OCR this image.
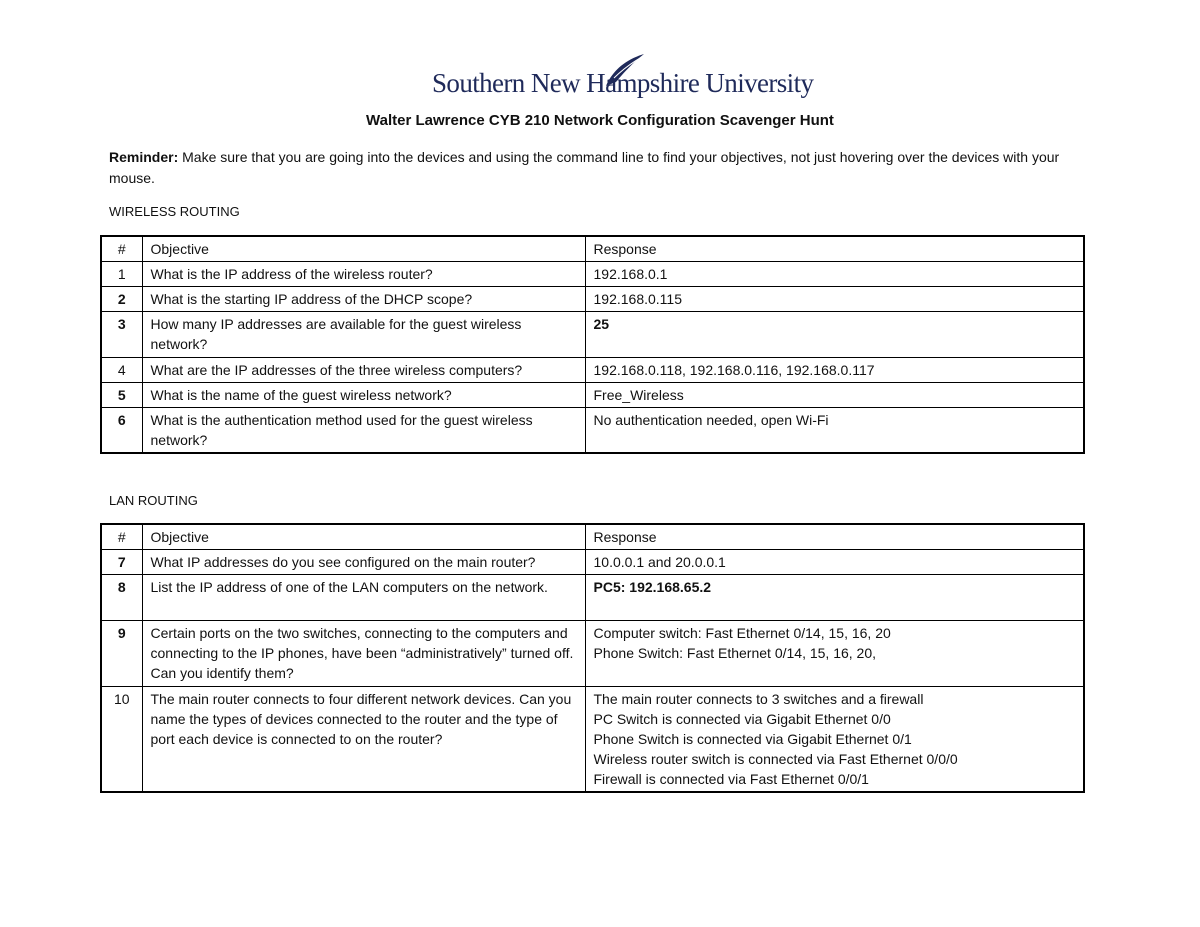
Southern New Hampshire University
Walter Lawrence CYB 210 Network Configuration Scavenger Hunt
Reminder: Make sure that you are going into the devices and using the command line to find your objectives, not just hovering over the devices with your mouse.
WIRELESS ROUTING
#	Objective	Response
1	What is the IP address of the wireless router?	192.168.0.1
2	What is the starting IP address of the DHCP scope?	192.168.0.115
3	How many IP addresses are available for the guest wireless network?	25
4	What are the IP addresses of the three wireless computers?	192.168.0.118, 192.168.0.116, 192.168.0.117
5	What is the name of the guest wireless network?	Free_Wireless
6	What is the authentication method used for the guest wireless network?	No authentication needed, open Wi-Fi
LAN ROUTING
#	Objective	Response
7	What IP addresses do you see configured on the main router?	10.0.0.1 and 20.0.0.1
8	List the IP address of one of the LAN computers on the network.	PC5: 192.168.65.2
9	Certain ports on the two switches, connecting to the computers and connecting to the IP phones, have been “administratively” turned off. Can you identify them?	Computer switch: Fast Ethernet 0/14, 15, 16, 20
Phone Switch: Fast Ethernet 0/14, 15, 16, 20,
10	The main router connects to four different network devices. Can you name the types of devices connected to the router and the type of port each device is connected to on the router?	The main router connects to 3 switches and a firewall
PC Switch is connected via Gigabit Ethernet 0/0
Phone Switch is connected via Gigabit Ethernet 0/1
Wireless router switch is connected via Fast Ethernet 0/0/0
Firewall is connected via Fast Ethernet 0/0/1
